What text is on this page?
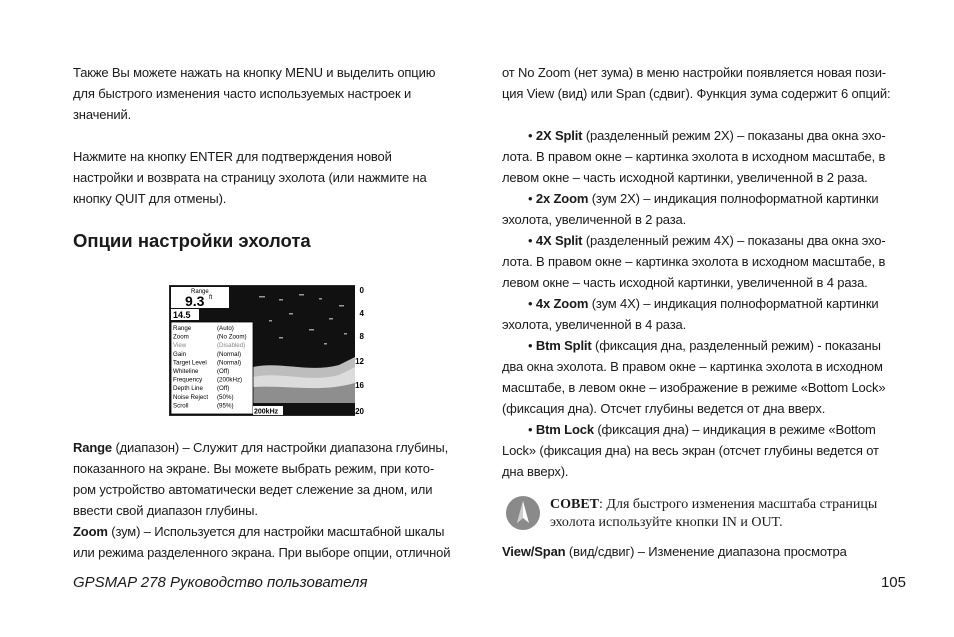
Также Вы можете нажать на кнопку MENU и выделить опцию

для быстрого изменения часто используемых настроек и

значений.

Нажмите на кнопку ENTER для подтверждения новой

настройки и возврата на страницу эхолота (или нажмите на

кнопку QUIT для отмены).

Опции настройки эхолота

Range (диапазон) – Служит для настройки диапазона глубины,

показанного на экране. Вы можете выбрать режим, при кото-

ром устройство автоматически ведет слежение за дном, или

ввести свой диапазон глубины.

Zoom (зум) – Используется для настройки масштабной шкалы

или режима разделенного экрана. При выборе опции, отличной

Range
9.3 ft
14.5
Range	(Auto)
Zoom	(No Zoom)
View	(Disabled)
Gain	(Normal)
Target Level (Normal)
Whiteline	(Off)
Frequency (200kHz)
Depth Line (Off)
Noise Reject (50%)
Scroll	(95%)
0
4
8
12
16
20
200kHz

от No Zoom (нет зума) в меню настройки появляется новая пози-

ция View (вид) или Span (сдвиг). Функция зума содержит 6 опций:

• 2X Split (разделенный режим 2X) – показаны два окна эхо-

лота. В правом окне – картинка эхолота в исходном масштабе, в

левом окне – часть исходной картинки, увеличенной в 2 раза.

• 2x Zoom (зум 2X) – индикация полноформатной картинки

эхолота, увеличенной в 2 раза.

• 4X Split (разделенный режим 4X) – показаны два окна эхо-

лота. В правом окне – картинка эхолота в исходном масштабе, в

левом окне – часть исходной картинки, увеличенной в 4 раза.

• 4x Zoom (зум 4X) – индикация полноформатной картинки

эхолота, увеличенной в 4 раза.

• Btm Split (фиксация дна, разделенный режим) - показаны

два окна эхолота. В правом окне – картинка эхолота в исходном

масштабе, в левом окне – изображение в режиме «Bottom Lock»

(фиксация дна). Отсчет глубины ведется от дна вверх.

• Btm Lock (фиксация дна) – индикация в режиме «Bottom

Lock» (фиксация дна) на весь экран (отсчет глубины ведется от

дна вверх).

СОВЕТ: Для быстрого изменения масштаба страницы
эхолота используйте кнопки IN и OUT.

View/Span (вид/сдвиг) – Изменение диапазона просмотра

GPSMAP 278 Руководство пользователя	105
